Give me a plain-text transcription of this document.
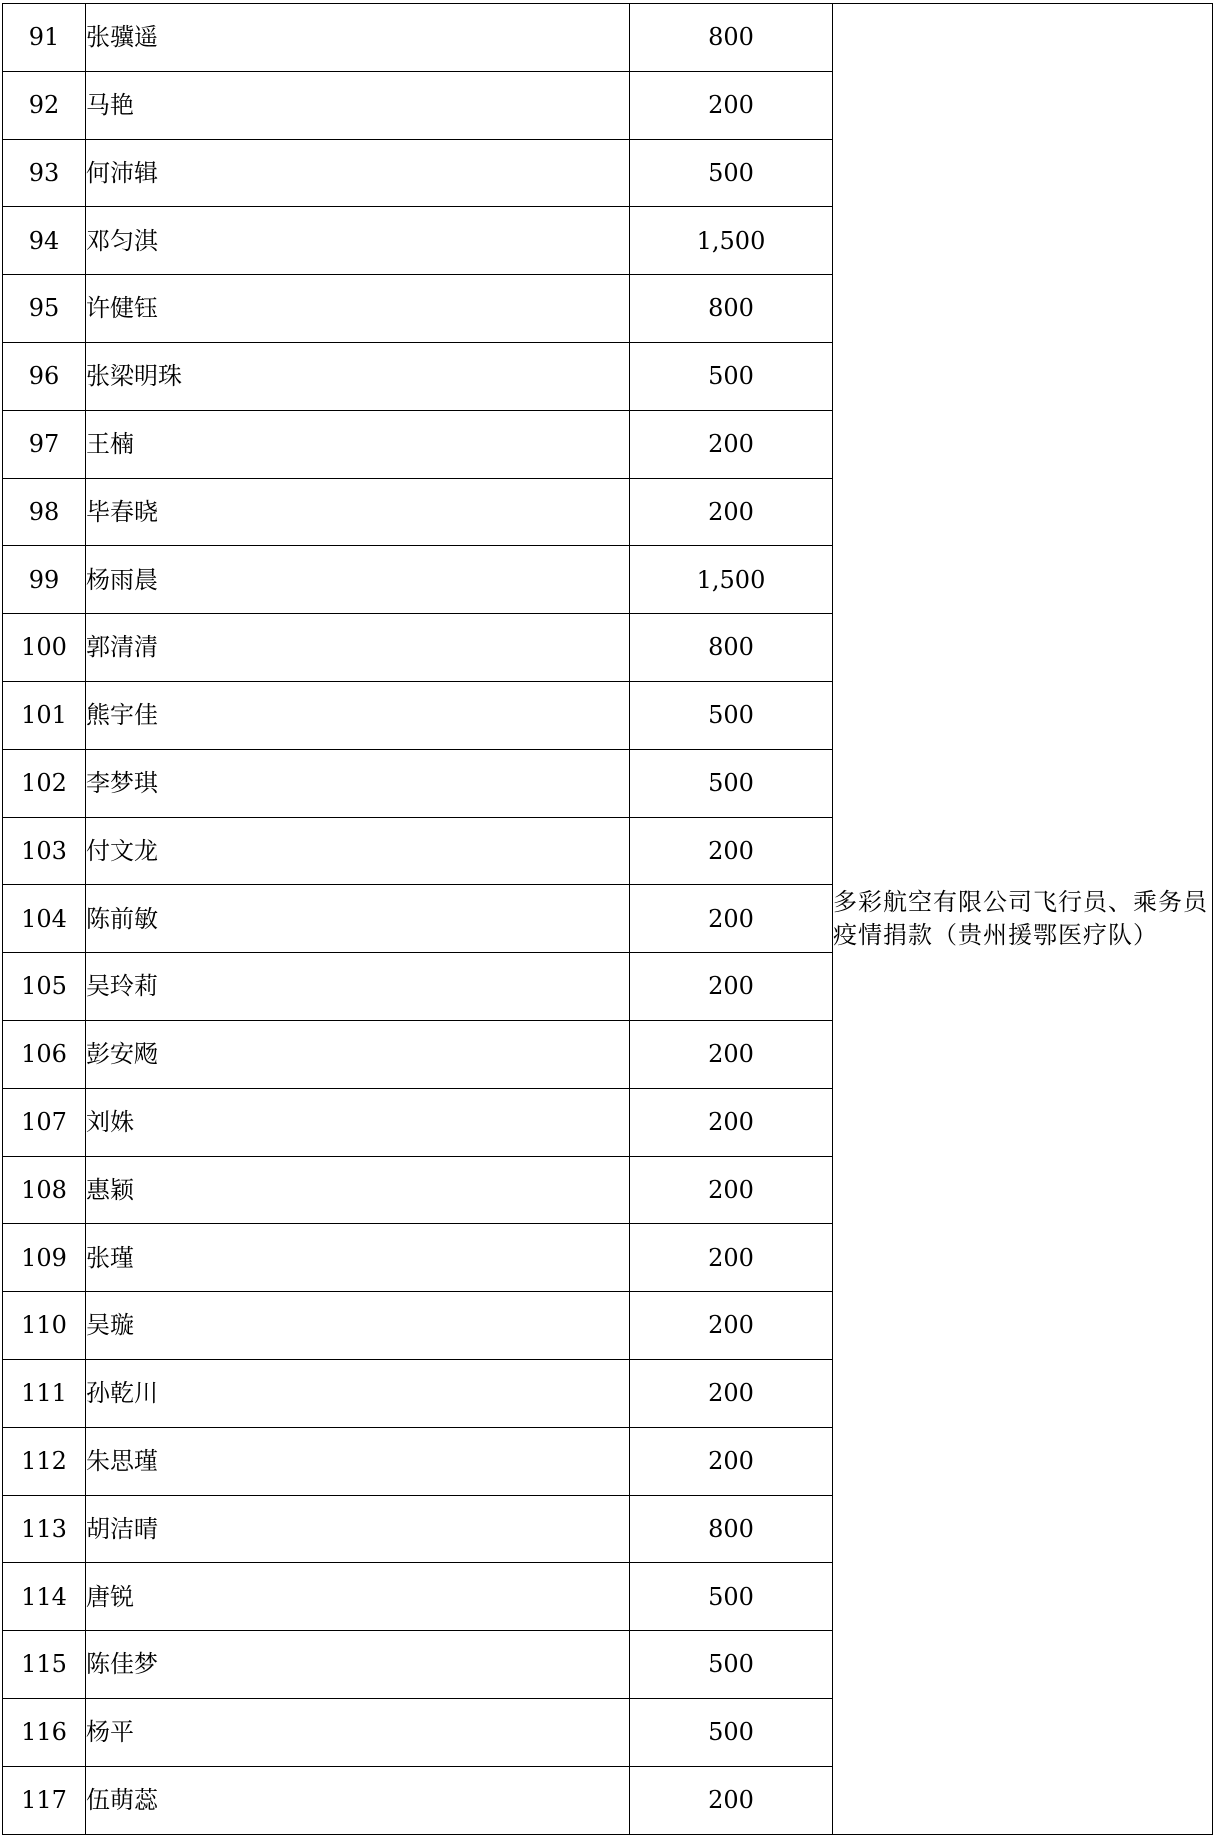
91	张骥遥	800	多彩航空有限公司飞行员、乘务员疫情捐款（贵州援鄂医疗队）
92	马艳	200	
93	何沛辑	500	
94	邓匀淇	1,500	
95	许健钰	800	
96	张梁明珠	500	
97	王楠	200	
98	毕春晓	200	
99	杨雨晨	1,500	
100	郭清清	800	
101	熊宇佳	500	
102	李梦琪	500	
103	付文龙	200	
104	陈前敏	200	
105	吴玲莉	200	
106	彭安飏	200	
107	刘姝	200	
108	惠颖	200	
109	张瑾	200	
110	吴璇	200	
111	孙乾川	200	
112	朱思瑾	200	
113	胡洁晴	800	
114	唐锐	500	
115	陈佳梦	500	
116	杨平	500	
117	伍萌蕊	200	
